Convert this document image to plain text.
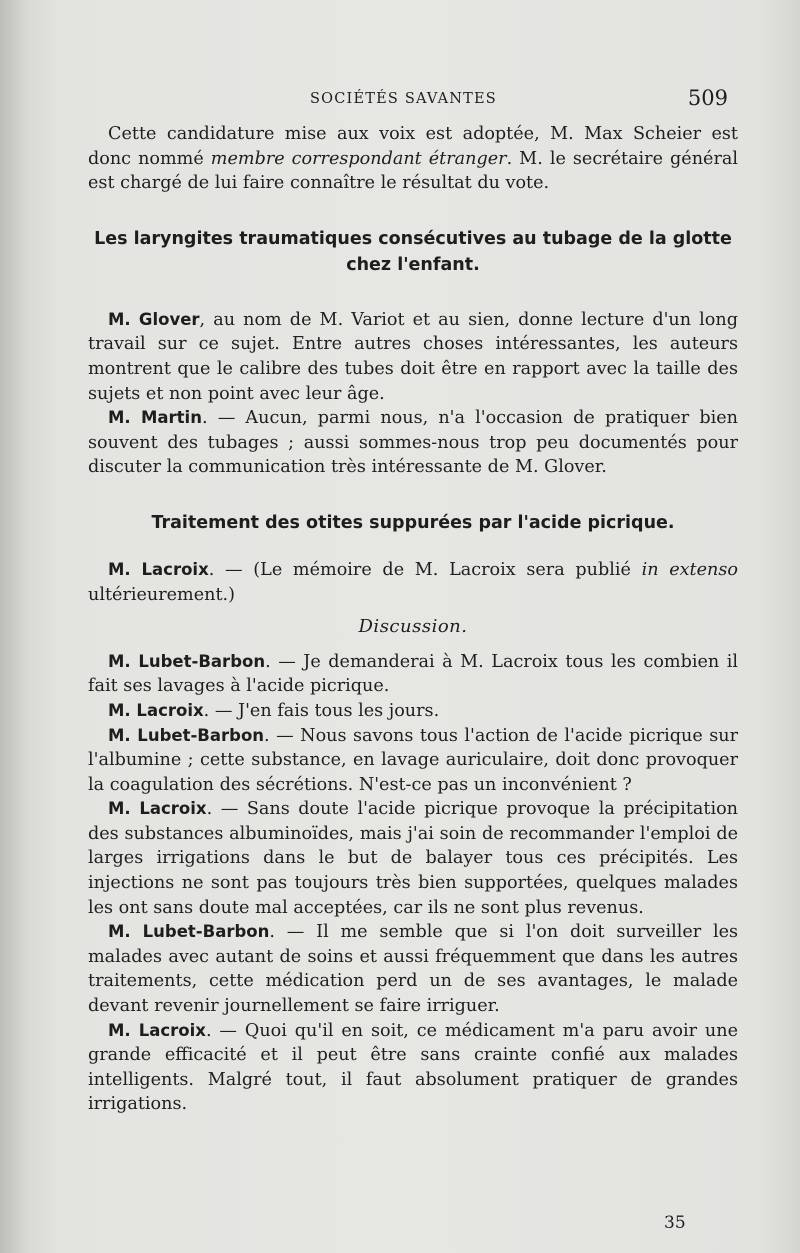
SOCIÉTÉS SAVANTES	509

Cette candidature mise aux voix est adoptée, M. Max Scheier est donc nommé membre correspondant étranger. M. le secrétaire général est chargé de lui faire connaître le résultat du vote.

Les laryngites traumatiques consécutives au tubage de la glotte chez l'enfant.

M. Glover, au nom de M. Variot et au sien, donne lecture d'un long travail sur ce sujet. Entre autres choses intéressantes, les auteurs montrent que le calibre des tubes doit être en rapport avec la taille des sujets et non point avec leur âge.

M. Martin. — Aucun, parmi nous, n'a l'occasion de pratiquer bien souvent des tubages ; aussi sommes-nous trop peu documentés pour discuter la communication très intéressante de M. Glover.

Traitement des otites suppurées par l'acide picrique.

M. Lacroix. — (Le mémoire de M. Lacroix sera publié in extenso ultérieurement.)

Discussion.

M. Lubet-Barbon. — Je demanderai à M. Lacroix tous les combien il fait ses lavages à l'acide picrique.

M. Lacroix. — J'en fais tous les jours.

M. Lubet-Barbon. — Nous savons tous l'action de l'acide picrique sur l'albumine ; cette substance, en lavage auriculaire, doit donc provoquer la coagulation des sécrétions. N'est-ce pas un inconvénient ?

M. Lacroix. — Sans doute l'acide picrique provoque la précipitation des substances albuminoïdes, mais j'ai soin de recommander l'emploi de larges irrigations dans le but de balayer tous ces précipités. Les injections ne sont pas toujours très bien supportées, quelques malades les ont sans doute mal acceptées, car ils ne sont plus revenus.

M. Lubet-Barbon. — Il me semble que si l'on doit surveiller les malades avec autant de soins et aussi fréquemment que dans les autres traitements, cette médication perd un de ses avantages, le malade devant revenir journellement se faire irriguer.

M. Lacroix. — Quoi qu'il en soit, ce médicament m'a paru avoir une grande efficacité et il peut être sans crainte confié aux malades intelligents. Malgré tout, il faut absolument pratiquer de grandes irrigations.

35
